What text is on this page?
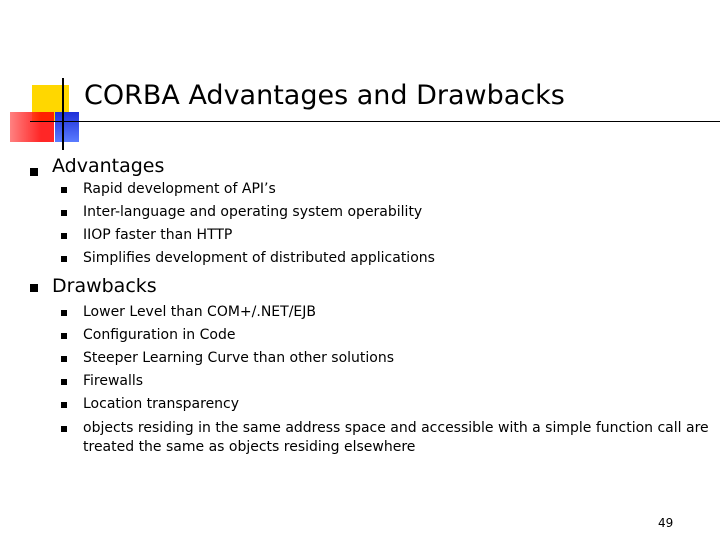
CORBA Advantages and Drawbacks
Advantages
Rapid development of API’s
Inter-language and operating system operability
IIOP faster than HTTP
Simplifies development of distributed applications
Drawbacks
Lower Level than COM+/.NET/EJB
Configuration in Code
Steeper Learning Curve than other solutions
Firewalls
Location transparency
objects residing in the same address space and accessible with a simple function call are treated the same as objects residing elsewhere
49
